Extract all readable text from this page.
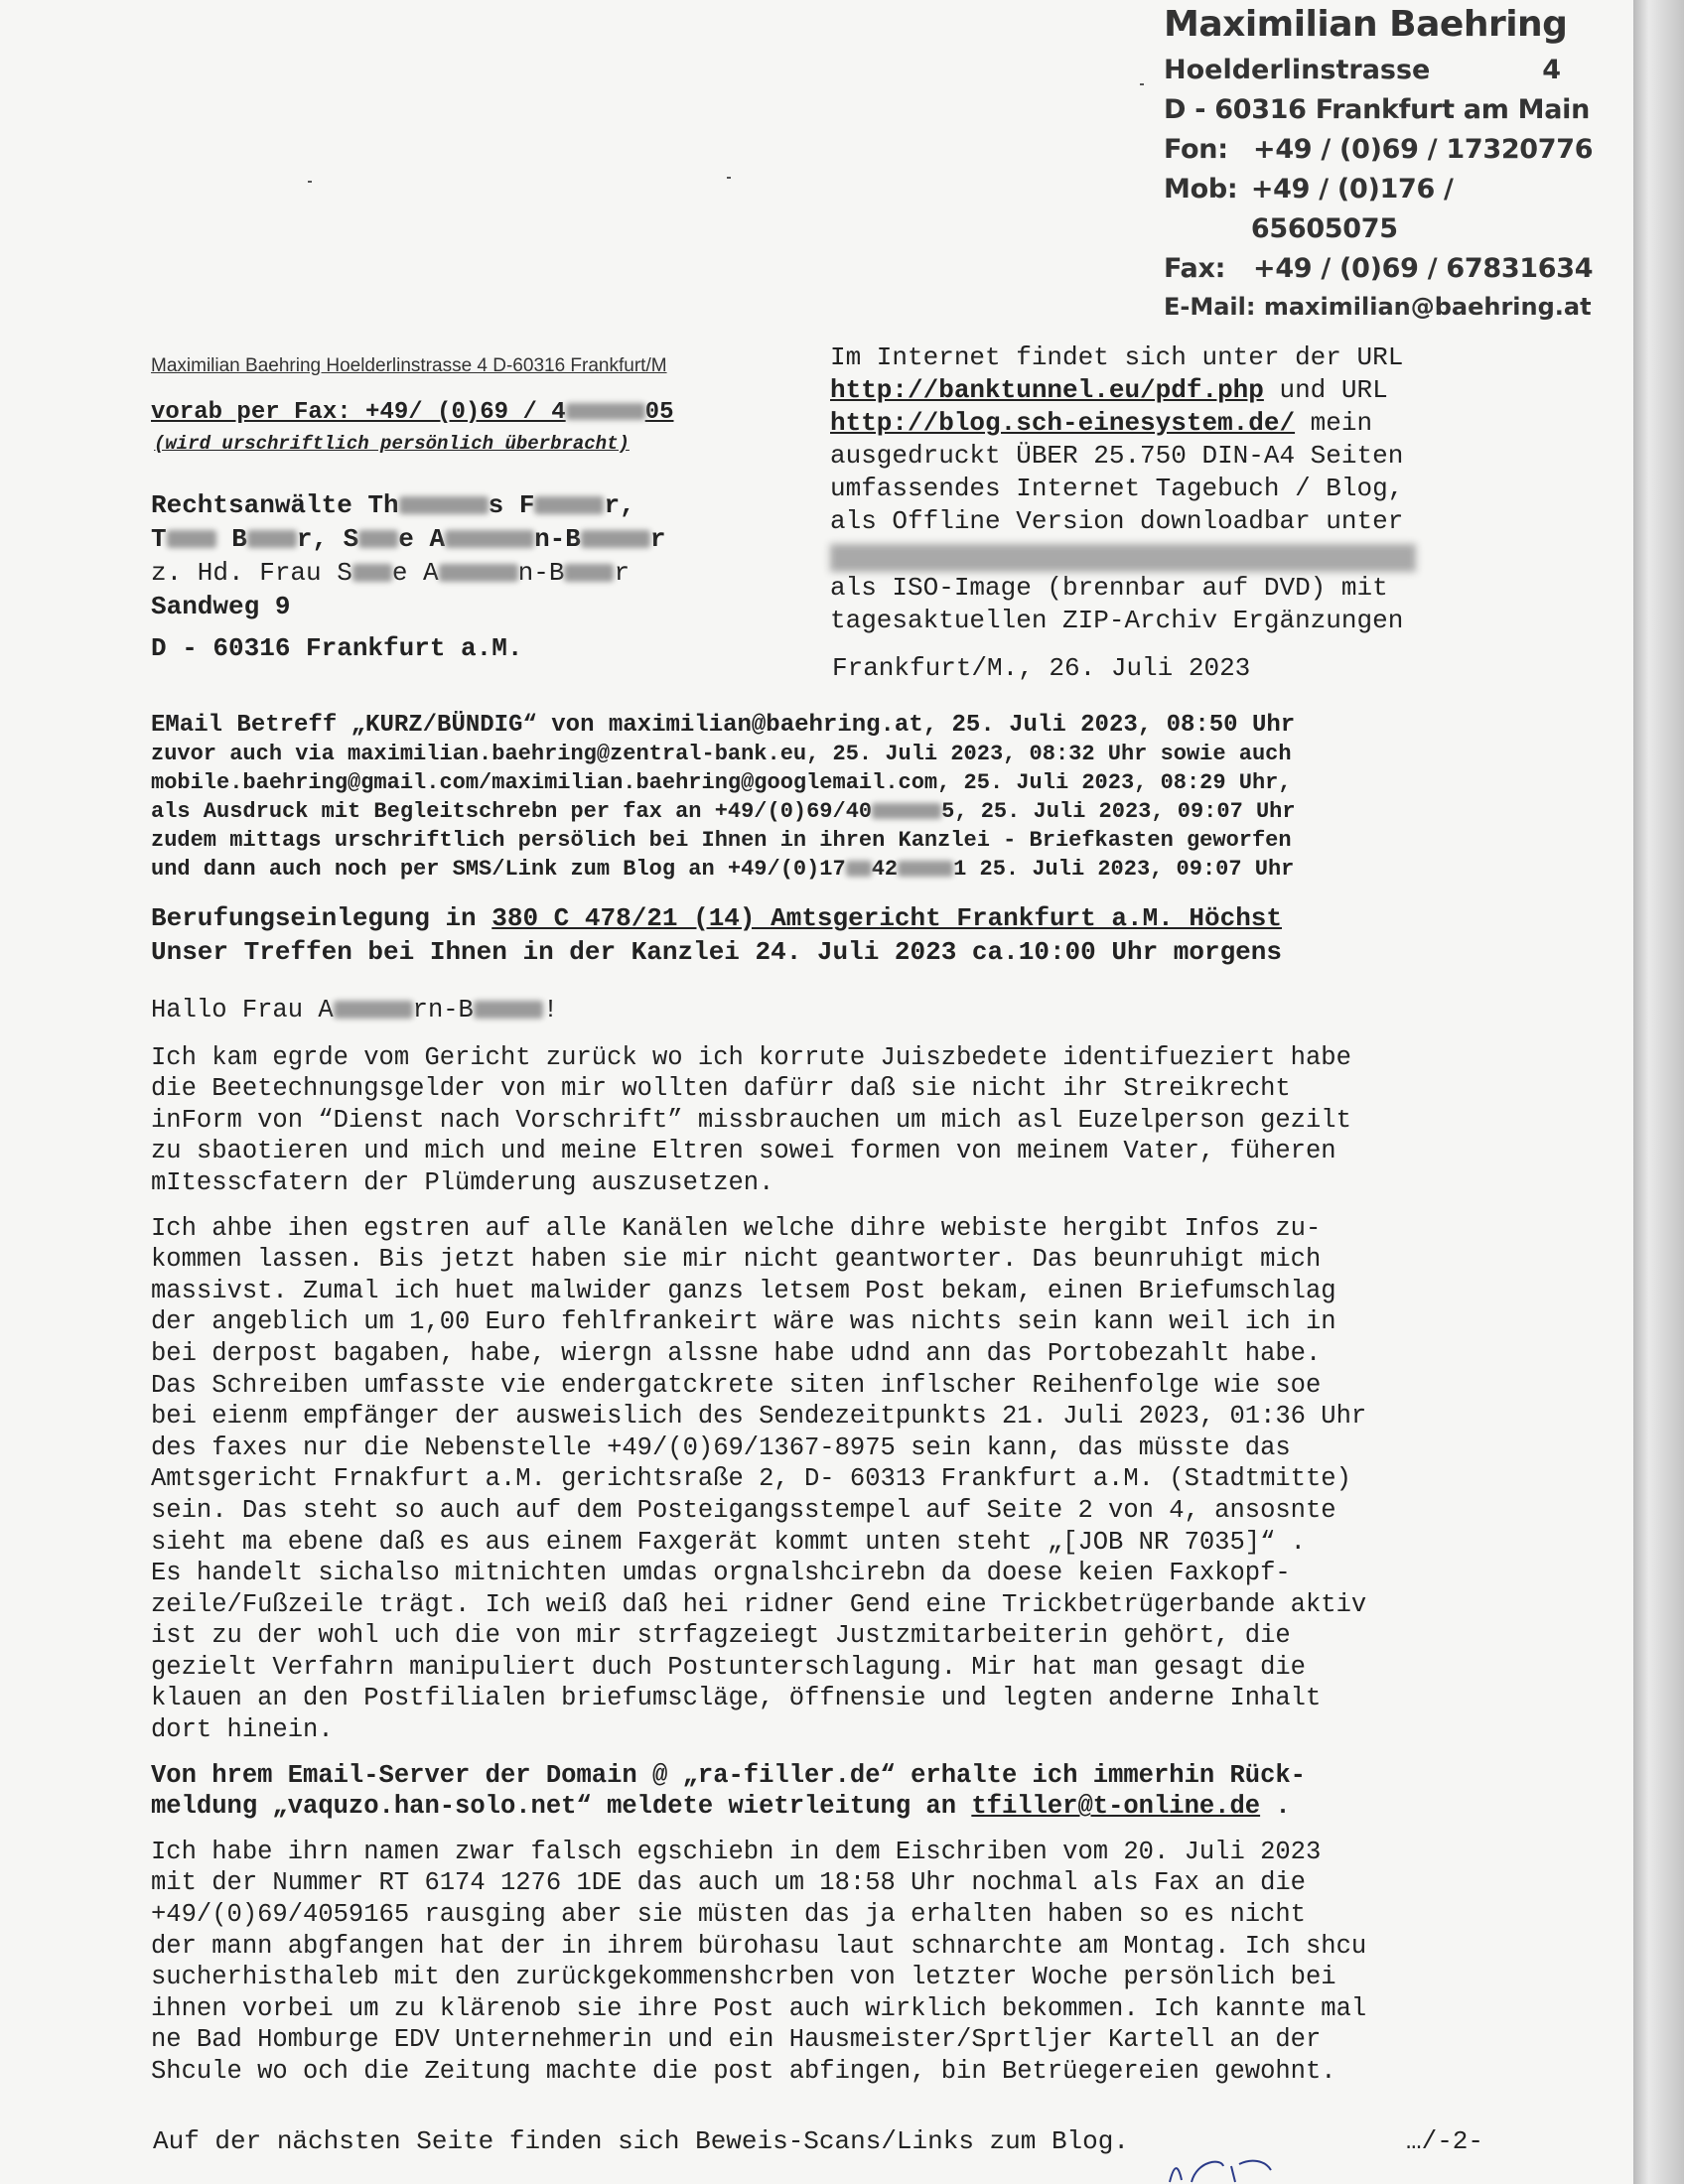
Maximilian Baehring
Hoelderlinstrasse	4
D - 60316 Frankfurt am Main
Fon: +49 / (0)69 / 17320776
Mob: +49 / (0)176 / 65605075
Fax:	+49 / (0)69 / 67831634
E-Mail: maximilian@baehring.at
Maximilian Baehring Hoelderlinstrasse 4 D-60316 Frankfurt/M
vorab per Fax: +49/ (0)69 / 4	05
(wird urschriftlich persönlich überbracht)
Rechtsanwälte Th	s F	r,
T B r, S e A	n-B	r
z. Hd. Frau S e A	n-B r
Sandweg 9
D - 60316 Frankfurt a.M.
Im Internet findet sich unter der URL
http://banktunnel.eu/pdf.php und URL
http://blog.sch-einesystem.de/ mein
ausgedruckt ÜBER 25.750 DIN-A4 Seiten
umfassendes Internet Tagebuch / Blog,
als Offline Version downloadbar unter
als ISO-Image (brennbar auf DVD) mit
tagesaktuellen ZIP-Archiv Ergänzungen
Frankfurt/M., 26. Juli 2023
EMail Betreff „KURZ/BÜNDIG“ von maximilian@baehring.at, 25. Juli 2023, 08:50 Uhr
zuvor auch via maximilian.baehring@zentral-bank.eu, 25. Juli 2023, 08:32 Uhr sowie auch
mobile.baehring@gmail.com/maximilian.baehring@googlemail.com, 25. Juli 2023, 08:29 Uhr,
als Ausdruck mit Begleitschrebn per fax an +49/(0)69/40	5, 25. Juli 2023, 09:07 Uhr
zudem mittags urschriftlich persölich bei Ihnen in ihren Kanzlei - Briefkasten geworfen
und dann auch noch per SMS/Link zum Blog an +49/(0)17 42	1 25. Juli 2023, 09:07 Uhr
Berufungseinlegung in 380 C 478/21 (14) Amtsgericht Frankfurt a.M. Höchst
Unser Treffen bei Ihnen in der Kanzlei 24. Juli 2023 ca.10:00 Uhr morgens

Hallo Frau A	rn-B	!

Ich kam egrde vom Gericht zurück wo ich korrute Juiszbedete identifueziert habe
die Beetechnungsgelder von mir wollten dafürr daß sie nicht ihr Streikrecht
inForm von “Dienst nach Vorschrift” missbrauchen um mich asl Euzelperson gezilt
zu sbaotieren und mich und meine Eltren sowei formen von meinem Vater, füheren
mItesscfatern der Plümderung auszusetzen.

Ich ahbe ihen egstren auf alle Kanälen welche dihre webiste hergibt Infos zu-
kommen lassen. Bis jetzt haben sie mir nicht geantworter. Das beunruhigt mich
massivst. Zumal ich huet malwider ganzs letsem Post bekam, einen Briefumschlag
der angeblich um 1,00 Euro fehlfrankeirt wäre was nichts sein kann weil ich in
bei derpost bagaben, habe, wiergn alssne habe udnd ann das Portobezahlt habe.
Das Schreiben umfasste vie endergatckrete siten inflscher Reihenfolge wie soe
bei eienm empfänger der ausweislich des Sendezeitpunkts 21. Juli 2023, 01:36 Uhr
des faxes nur die Nebenstelle +49/(0)69/1367-8975 sein kann, das müsste das
Amtsgericht Frnakfurt a.M. gerichtsraße 2, D- 60313 Frankfurt a.M. (Stadtmitte)
sein. Das steht so auch auf dem Posteigangsstempel auf Seite 2 von 4, ansosnte
sieht ma ebene daß es aus einem Faxgerät kommt unten steht „[JOB NR 7035]“ .
Es handelt sichalso mitnichten umdas orgnalshcirebn da doese keien Faxkopf-
zeile/Fußzeile trägt. Ich weiß daß hei ridner Gend eine Trickbetrügerbande aktiv
ist zu der wohl uch die von mir strfagzeiegt Justzmitarbeiterin gehört, die
gezielt Verfahrn manipuliert duch Postunterschlagung. Mir hat man gesagt die
klauen an den Postfilialen briefumscläge, öffnensie und legten anderne Inhalt
dort hinein.

Von hrem Email-Server der Domain @ „ra-filler.de“ erhalte ich immerhin Rück-
meldung „vaquzo.han-solo.net“ meldete wietrleitung an tfiller@t-online.de .

Ich habe ihrn namen zwar falsch egschiebn in dem Eischriben vom 20. Juli 2023
mit der Nummer RT 6174 1276 1DE das auch um 18:58 Uhr nochmal als Fax an die
+49/(0)69/4059165 rausging aber sie müsten das ja erhalten haben so es nicht
der mann abgfangen hat der in ihrem bürohasu laut schnarchte am Montag. Ich shcu
sucherhisthaleb mit den zurückgekommenshcrben von letzter Woche persönlich bei
ihnen vorbei um zu klärenob sie ihre Post auch wirklich bekommen. Ich kannte mal
ne Bad Homburge EDV Unternehmerin und ein Hausmeister/Sprtljer Kartell an der
Shcule wo och die Zeitung machte die post abfingen, bin Betrüegereien gewohnt.

Auf der nächsten Seite finden sich Beweis-Scans/Links zum Blog.	…/-2-
